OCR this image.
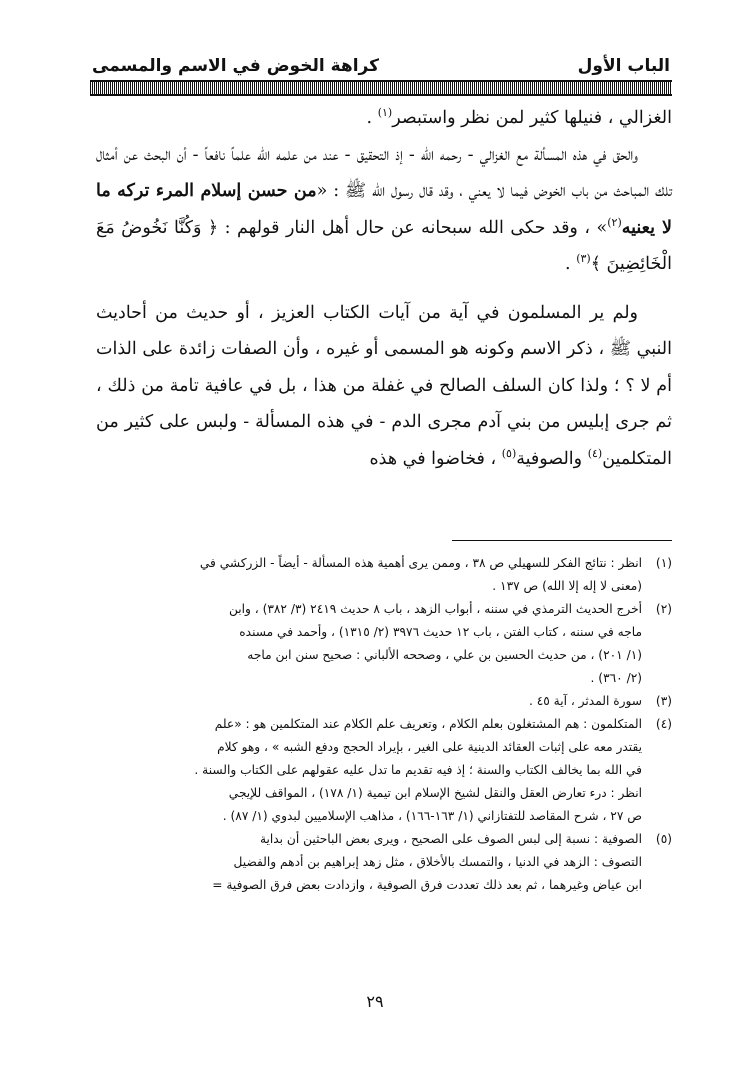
الباب الأول
كراهة الخوض في الاسم والمسمى

الغزالي ، فنيلها كثير لمن نظر واستبصر$^{(١)}$ .

والحق في هذه المسألة مع الغزالي - رحمه الله - إذ التحقيق - عند من علمه الله علماً نافعاً - أن البحث عن أمثال تلك المباحث من باب الخوض فيما لا يعني ، وقد قال رسول الله ﷺ : «من حسن إسلام المرء تركه ما لا يعنيه$^{(٢)}$» ، وقد حكى الله سبحانه عن حال أهل النار قولهم : ﴿ وَكُنَّا نَخُوضُ مَعَ الْخَائِضِينَ ﴾$^{(٣)}$ .

ولم ير المسلمون في آية من آيات الكتاب العزيز ، أو حديث من أحاديث النبي ﷺ ، ذكر الاسم وكونه هو المسمى أو غيره ، وأن الصفات زائدة على الذات أم لا ؟ ؛ ولذا كان السلف الصالح في غفلة من هذا ، بل في عافية تامة من ذلك ، ثم جرى إبليس من بني آدم مجرى الدم - في هذه المسألة - ولبس على كثير من المتكلمين$^{(٤)}$ والصوفية$^{(٥)}$ ، فخاضوا في هذه

(١)
انظر : نتائج الفكر للسهيلي ص ٣٨ ، وممن يرى أهمية هذه المسألة - أيضاً - الزركشي في
(معنى لا إله إلا الله) ص ١٣٧ .
(٢)
أخرج الحديث الترمذي في سننه ، أبواب الزهد ، باب ٨ حديث ٢٤١٩ (٣/ ٣٨٢) ، وابن
ماجه في سننه ، كتاب الفتن ، باب ١٢ حديث ٣٩٧٦ (٢/ ١٣١٥) ، وأحمد في مسنده
(١/ ٢٠١) ، من حديث الحسين بن علي ، وصححه الألباني : صحيح سنن ابن ماجه
(٢/ ٣٦٠) .
(٣)
سورة المدثر ، آية ٤٥ .
(٤)
المتكلمون : هم المشتغلون بعلم الكلام ، وتعريف علم الكلام عند المتكلمين هو : «علم
يقتدر معه على إثبات العقائد الدينية على الغير ، بإيراد الحجج ودفع الشبه » ، وهو كلام
في الله بما يخالف الكتاب والسنة ؛ إذ فيه تقديم ما تدل عليه عقولهم على الكتاب والسنة .
انظر : درء تعارض العقل والنقل لشيخ الإسلام ابن تيمية (١/ ١٧٨) ، المواقف للإيجي
ص ٢٧ ، شرح المقاصد للتفتازاني (١/ ١٦٣-١٦٦) ، مذاهب الإسلاميين لبدوي (١/ ٨٧) .
(٥)
الصوفية : نسبة إلى لبس الصوف على الصحيح ، ويرى بعض الباحثين أن بداية
التصوف : الزهد في الدنيا ، والتمسك بالأخلاق ، مثل زهد إبراهيم بن أدهم والفضيل
ابن عياض وغيرهما ، ثم بعد ذلك تعددت فرق الصوفية ، وازدادت بعض فرق الصوفية =
٢٩
